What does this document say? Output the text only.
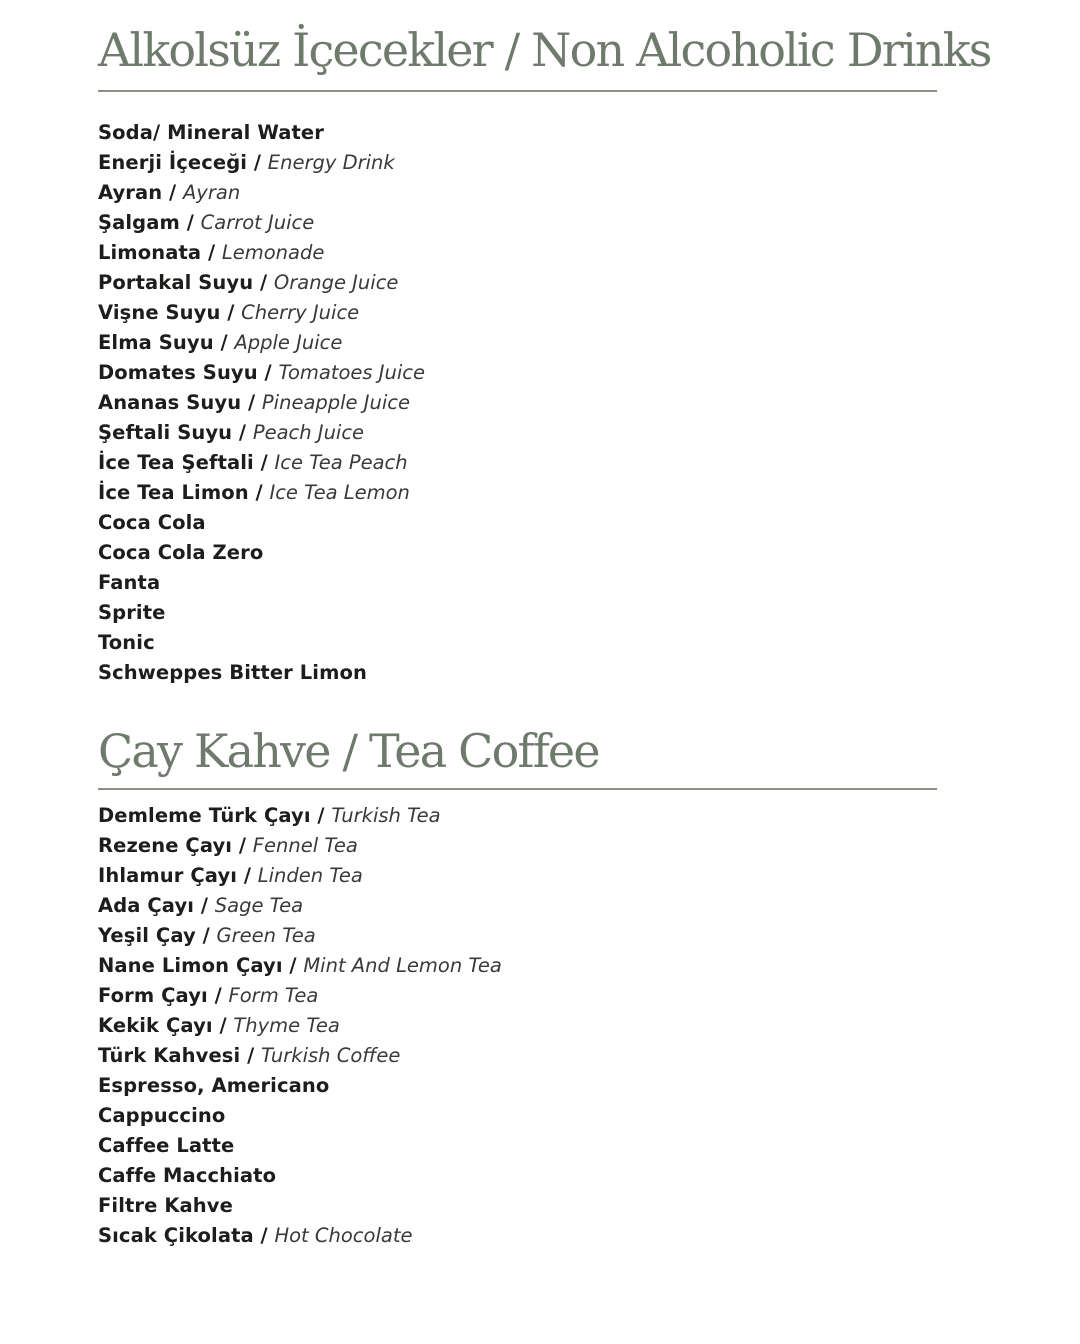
Alkolsüz İçecekler / Non Alcoholic Drinks
Soda/ Mineral Water
Enerji İçeceği / Energy Drink
Ayran / Ayran
Şalgam / Carrot Juice
Limonata / Lemonade
Portakal Suyu / Orange Juice
Vişne Suyu / Cherry Juice
Elma Suyu / Apple Juice
Domates Suyu / Tomatoes Juice
Ananas Suyu / Pineapple Juice
Şeftali Suyu / Peach Juice
İce Tea Şeftali / Ice Tea Peach
İce Tea Limon / Ice Tea Lemon
Coca Cola
Coca Cola Zero
Fanta
Sprite
Tonic
Schweppes Bitter Limon
Çay Kahve / Tea Coffee
Demleme Türk Çayı / Turkish Tea
Rezene Çayı / Fennel Tea
Ihlamur Çayı / Linden Tea
Ada Çayı / Sage Tea
Yeşil Çay / Green Tea
Nane Limon Çayı / Mint And Lemon Tea
Form Çayı / Form Tea
Kekik Çayı / Thyme Tea
Türk Kahvesi / Turkish Coffee
Espresso, Americano
Cappuccino
Caffee Latte
Caffe Macchiato
Filtre Kahve
Sıcak Çikolata / Hot Chocolate
